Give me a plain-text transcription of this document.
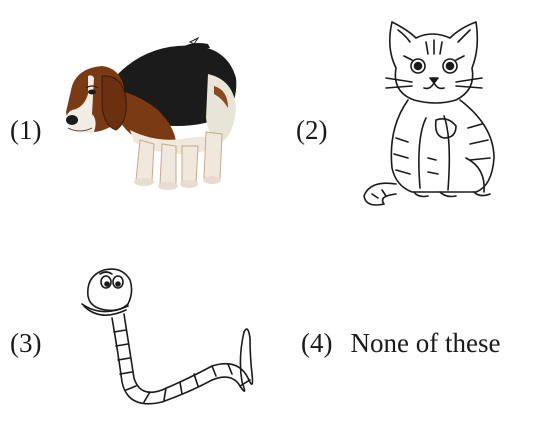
(1)	(2)
(3)	(4) None of these
